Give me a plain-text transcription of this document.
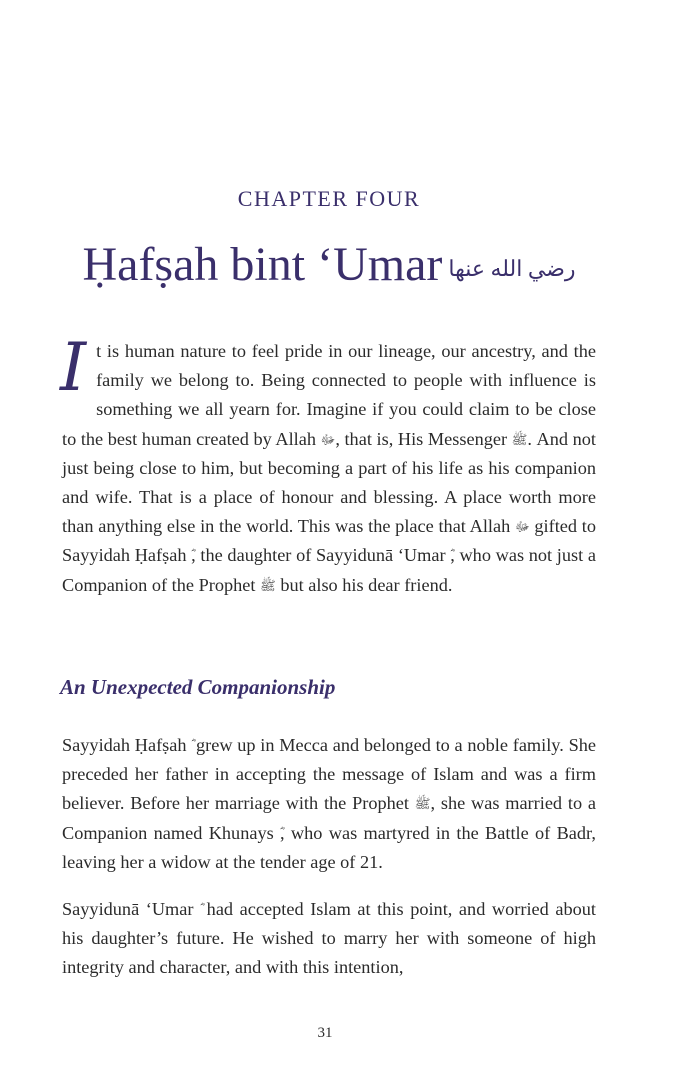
CHAPTER FOUR
Ḥafṣah bint ‘Umar رضي الله عنها
It is human nature to feel pride in our lineage, our ancestry, and the family we belong to. Being connected to people with influence is something we all yearn for. Imagine if you could claim to be close to the best human created by Allah ﷻ, that is, His Messenger ﷺ. And not just being close to him, but becoming a part of his life as his companion and wife. That is a place of honour and blessing. A place worth more than anything else in the world. This was the place that Allah ﷻ gifted to Sayyidah Ḥafṣah , the daughter of Sayyidunā ‘Umar , who was not just a Companion of the Prophet ﷺ but also his dear friend.
An Unexpected Companionship
Sayyidah Ḥafṣah grew up in Mecca and belonged to a noble family. She preceded her father in accepting the message of Islam and was a firm believer. Before her marriage with the Prophet ﷺ, she was married to a Companion named Khunays , who was martyred in the Battle of Badr, leaving her a widow at the tender age of 21.
Sayyidunā ‘Umar had accepted Islam at this point, and worried about his daughter’s future. He wished to marry her with someone of high integrity and character, and with this intention,
31
